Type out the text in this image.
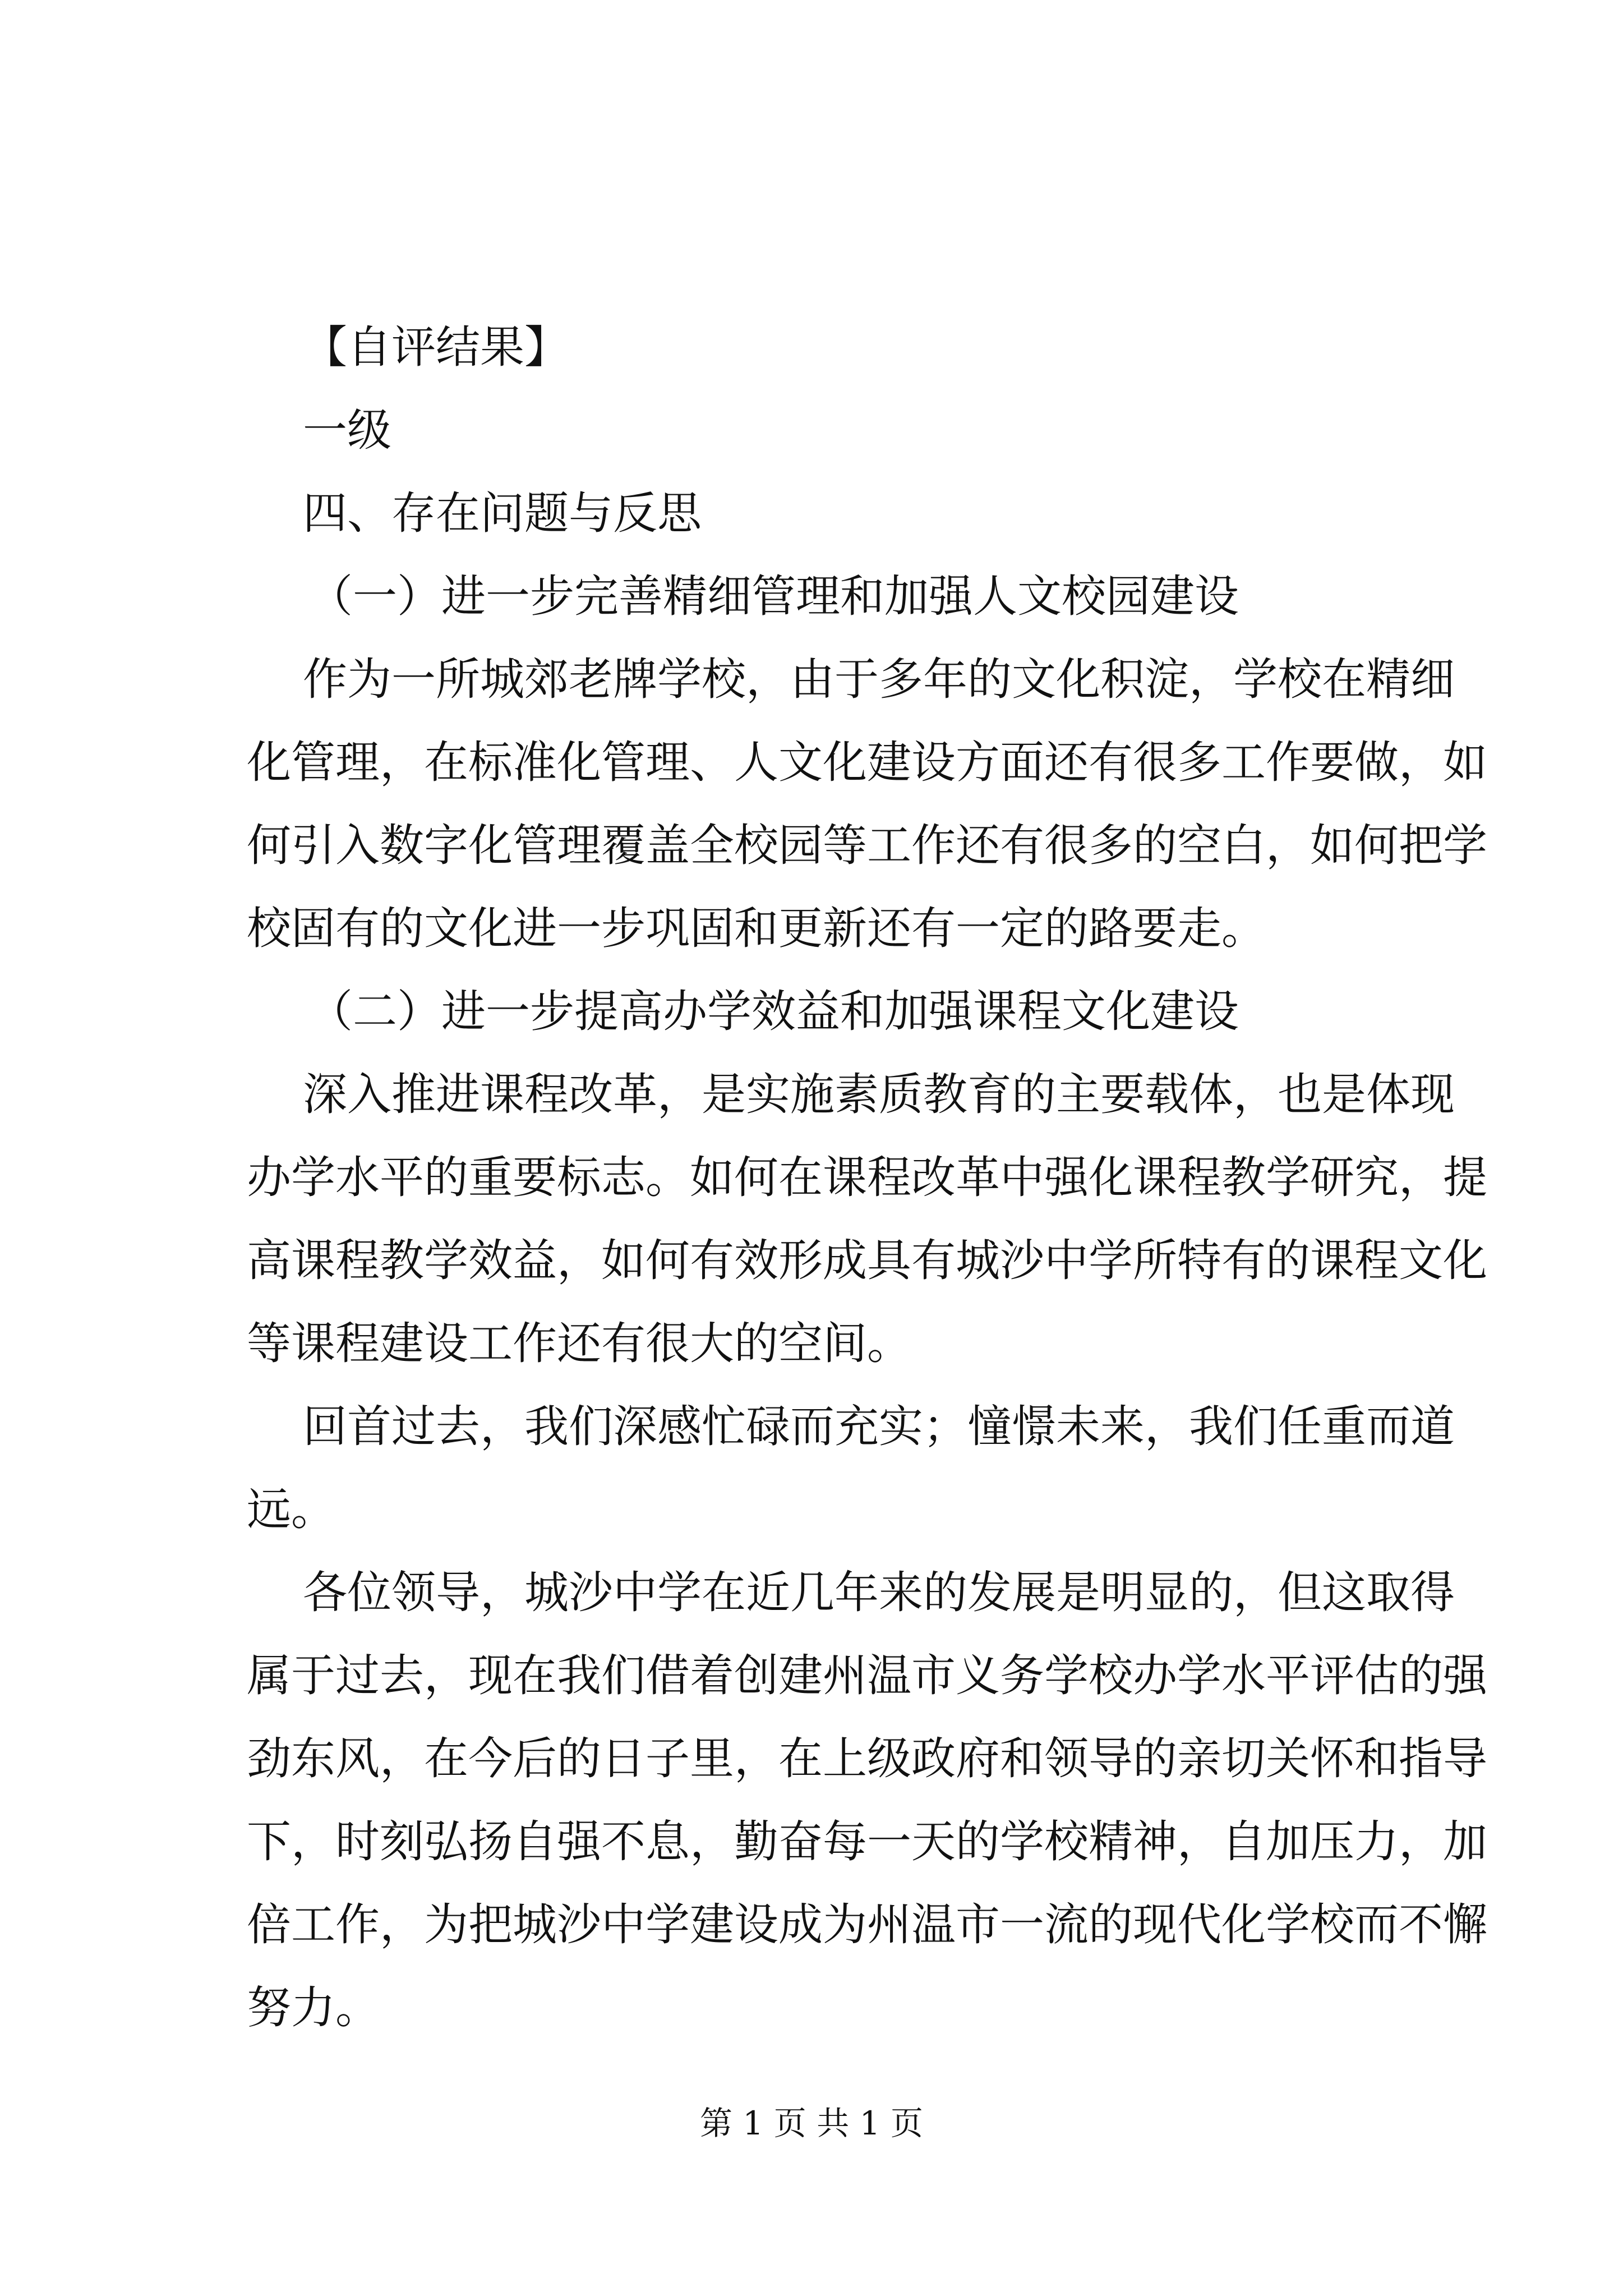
【自评结果】

一级

四、存在问题与反思

（一）进一步完善精细管理和加强人文校园建设

作为一所城郊老牌学校，由于多年的文化积淀，学校在精细

化管理，在标准化管理、人文化建设方面还有很多工作要做，如

何引入数字化管理覆盖全校园等工作还有很多的空白，如何把学

校固有的文化进一步巩固和更新还有一定的路要走。

（二）进一步提高办学效益和加强课程文化建设

深入推进课程改革，是实施素质教育的主要载体，也是体现

办学水平的重要标志。如何在课程改革中强化课程教学研究，提

高课程教学效益，如何有效形成具有城沙中学所特有的课程文化

等课程建设工作还有很大的空间。

回首过去，我们深感忙碌而充实；憧憬未来，我们任重而道

远。

各位领导，城沙中学在近几年来的发展是明显的，但这取得

属于过去，现在我们借着创建州温市义务学校办学水平评估的强

劲东风，在今后的日子里，在上级政府和领导的亲切关怀和指导

下，时刻弘扬自强不息，勤奋每一天的学校精神，自加压力，加

倍工作，为把城沙中学建设成为州温市一流的现代化学校而不懈

努力。

第 1 页 共 1 页
